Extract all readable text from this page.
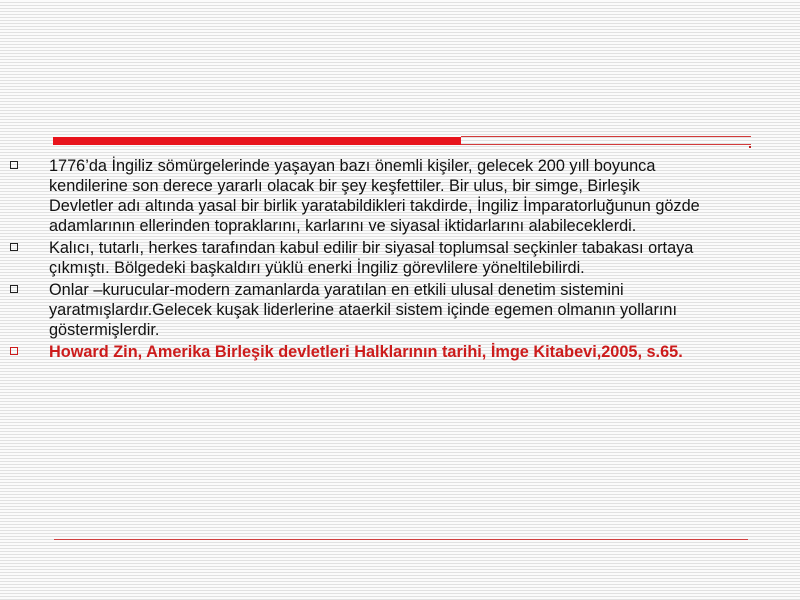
1776’da İngiliz sömürgelerinde yaşayan bazı önemli kişiler, gelecek 200 yıll boyunca kendilerine son derece yararlı olacak bir şey keşfettiler. Bir ulus, bir simge, Birleşik Devletler adı altında yasal bir birlik yaratabildikleri takdirde, İngiliz İmparatorluğunun gözde adamlarının ellerinden topraklarını, karlarını ve siyasal iktidarlarını alabileceklerdi.
Kalıcı, tutarlı, herkes tarafından kabul edilir bir siyasal toplumsal seçkinler tabakası ortaya çıkmıştı. Bölgedeki başkaldırı yüklü enerki İngiliz görevlilere yöneltilebilirdi.
Onlar –kurucular-modern zamanlarda yaratılan en etkili ulusal denetim sistemini yaratmışlardır.Gelecek kuşak liderlerine ataerkil sistem içinde egemen olmanın yollarını göstermişlerdir.
Howard Zin, Amerika Birleşik devletleri Halklarının tarihi, İmge Kitabevi,2005, s.65.
